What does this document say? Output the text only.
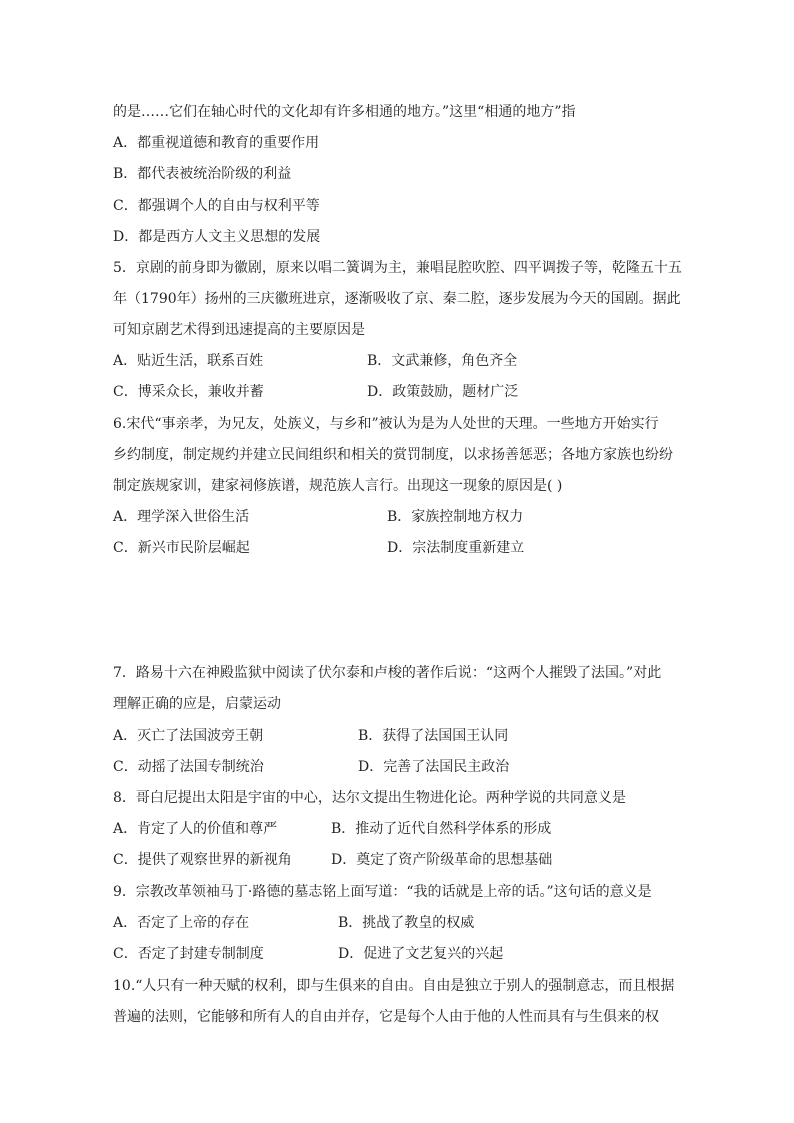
的是……它们在轴心时代的文化却有许多相通的地方。”这里“相通的地方”指
A．都重视道德和教育的重要作用
B．都代表被统治阶级的利益
C．都强调个人的自由与权利平等
D．都是西方人文主义思想的发展
5．京剧的前身即为徽剧，原来以唱二簧调为主，兼唱昆腔吹腔、四平调拨子等，乾隆五十五
年（1790年）扬州的三庆徽班进京，逐渐吸收了京、秦二腔，逐步发展为今天的国剧。据此
可知京剧艺术得到迅速提高的主要原因是
A．贴近生活，联系百姓	B．文武兼修，角色齐全
C．博采众长，兼收并蓄	D．政策鼓励，题材广泛
6.宋代“事亲孝，为兄友，处族义，与乡和”被认为是为人处世的天理。一些地方开始实行
乡约制度，制定规约并建立民间组织和相关的赏罚制度，以求扬善惩恶；各地方家族也纷纷
制定族规家训，建家祠修族谱，规范族人言行。出现这一现象的原因是( )
A．理学深入世俗生活	B．家族控制地方权力
C．新兴市民阶层崛起	D．宗法制度重新建立
7．路易十六在神殿监狱中阅读了伏尔泰和卢梭的著作后说：“这两个人摧毁了法国。”对此
理解正确的应是，启蒙运动
A．灭亡了法国波旁王朝	B．获得了法国国王认同
C．动摇了法国专制统治	D．完善了法国民主政治
8．哥白尼提出太阳是宇宙的中心，达尔文提出生物进化论。两种学说的共同意义是
A．肯定了人的价值和尊严	B．推动了近代自然科学体系的形成
C．提供了观察世界的新视角	D．奠定了资产阶级革命的思想基础
9．宗教改革领袖马丁·路德的墓志铭上面写道：“我的话就是上帝的话。”这句话的意义是
A．否定了上帝的存在	B．挑战了教皇的权威
C．否定了封建专制制度	D．促进了文艺复兴的兴起
10.“人只有一种天赋的权利，即与生俱来的自由。自由是独立于别人的强制意志，而且根据
普遍的法则，它能够和所有人的自由并存，它是每个人由于他的人性而具有与生俱来的权
